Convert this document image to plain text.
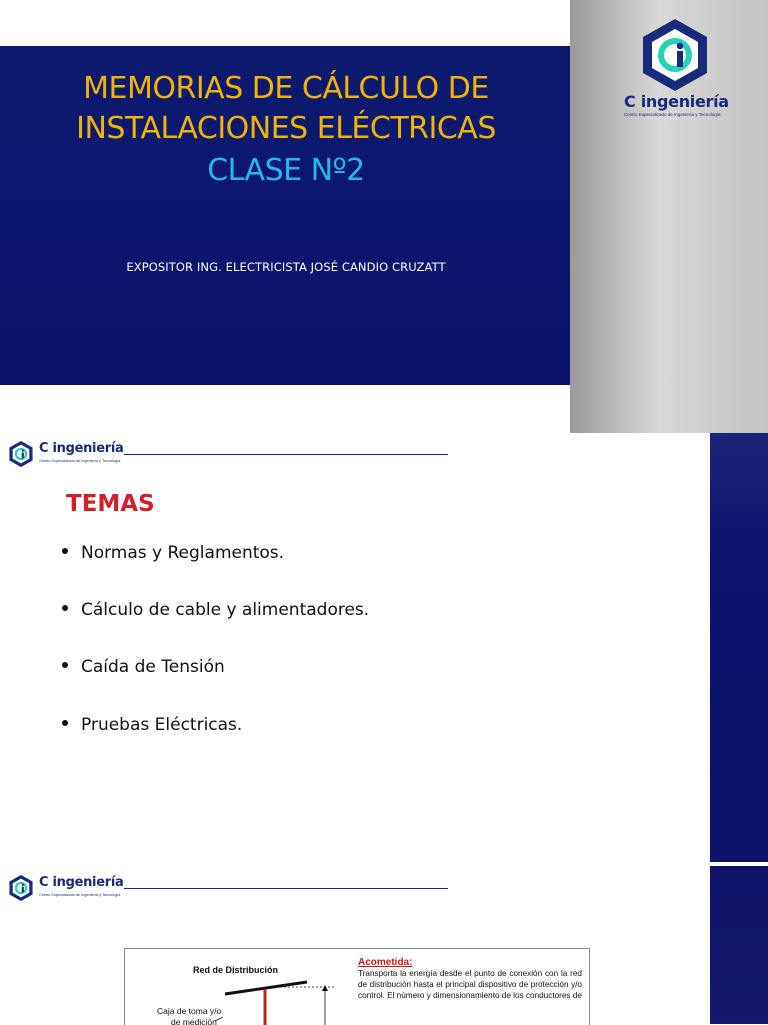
MEMORIAS DE CÁLCULO DE
INSTALACIONES ELÉCTRICAS
CLASE Nº2
EXPOSITOR ING. ELECTRICISTA JOSÉ CANDIO CRUZATT
C ingeniería
Centro Especializado de Ingeniería y Tecnología
C ingeniería
Centro Especializado de Ingeniería y Tecnología
TEMAS
Normas y Reglamentos.
Cálculo de cable y alimentadores.
Caída de Tensión
Pruebas Eléctricas.
C ingeniería
Centro Especializado de Ingeniería y Tecnología
Red de Distribución
Caja de toma y/o
de medición
Acometida:
Transporta la energía desde el punto de conexión con la red de distribución hasta el principal dispositivo de protección y/o control. El número y dimensionamiento de los conductores de
